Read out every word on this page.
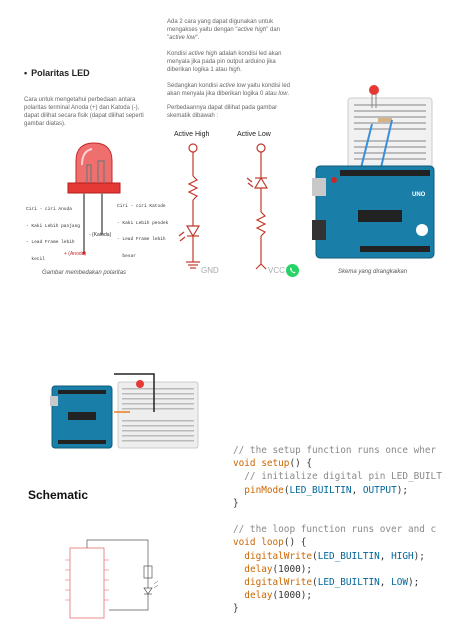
• Polaritas LED
Cara untuk mengetahui perbedaan antara polaritas terminal Anoda (+) dan Katoda (-), dapat dilihat secara fisik (dapat dilihat seperti gambar diatas).

Ciri - ciri Anoda

- Kaki Lebih panjang

- Lead Frame lebih

kecil

Ciri - ciri Katode

- Kaki Lebih pendek

- Lead Frame lebih

besar

- (Katoda)
+ (Anoda)
Gambar membedakan polaritas
Ada 2 cara yang dapat digunakan untuk mengakses yaitu dengan "active high" dan "active low".
Kondisi active high adalah kondisi led akan menyala jika pada pin output arduino jika diberikan logika 1 atau high.
Sedangkan kondisi active low yaitu kondisi led akan menyala jika diberikan logika 0 atau low.
Perbedaannya dapat dilihat pada gambar skematik dibawah :
Active High	Active Low
GND	VCC
UNO
Skema yang dirangkaikan
Schematic
// the setup function runs once wher
void setup() {
// initialize digital pin LED_BUILT
pinMode(LED_BUILTIN, OUTPUT);
}

// the loop function runs over and c
void loop() {
digitalWrite(LED_BUILTIN, HIGH);
delay(1000);
digitalWrite(LED_BUILTIN, LOW);
delay(1000);
}
